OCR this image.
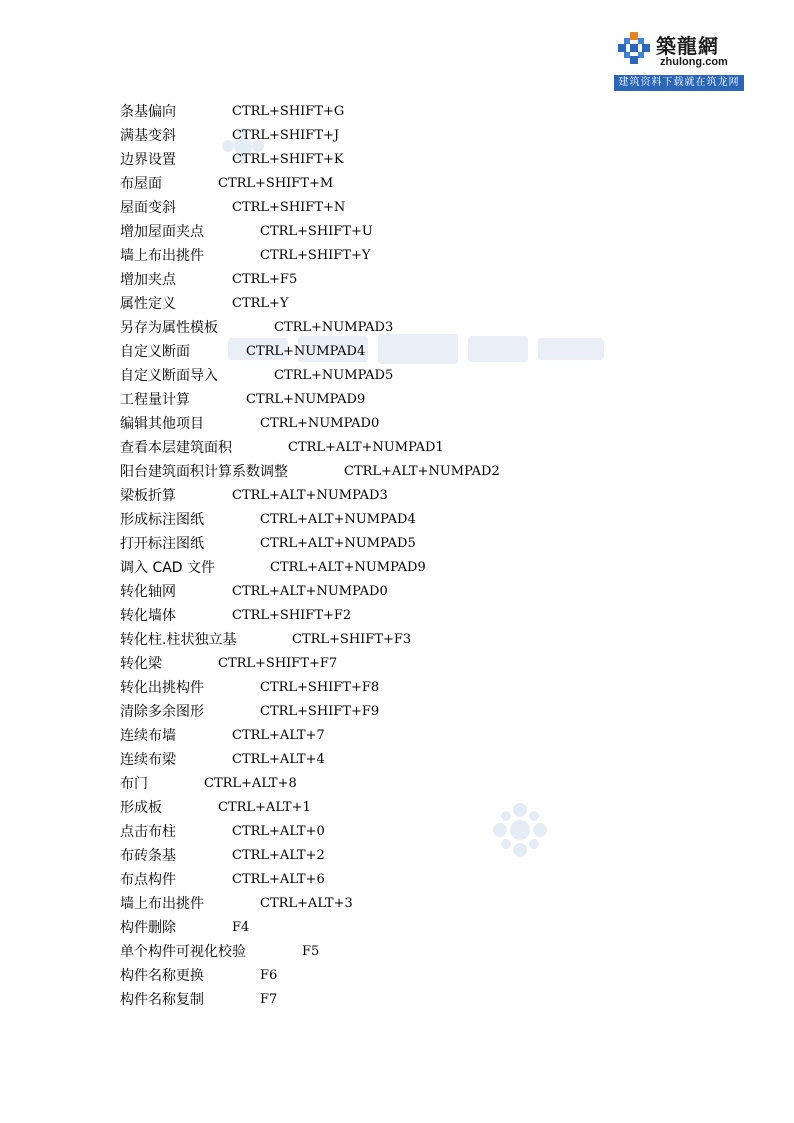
築龍網
zhulong.com
建筑资料下载就在筑龙网
条基偏向	CTRL+SHIFT+G
满基变斜	CTRL+SHIFT+J
边界设置	CTRL+SHIFT+K
布屋面	CTRL+SHIFT+M
屋面变斜	CTRL+SHIFT+N
增加屋面夹点	CTRL+SHIFT+U
墙上布出挑件	CTRL+SHIFT+Y
增加夹点	CTRL+F5
属性定义	CTRL+Y
另存为属性模板	CTRL+NUMPAD3
自定义断面	CTRL+NUMPAD4
自定义断面导入	CTRL+NUMPAD5
工程量计算	CTRL+NUMPAD9
编辑其他项目	CTRL+NUMPAD0
查看本层建筑面积	CTRL+ALT+NUMPAD1
阳台建筑面积计算系数调整	CTRL+ALT+NUMPAD2
梁板折算	CTRL+ALT+NUMPAD3
形成标注图纸	CTRL+ALT+NUMPAD4
打开标注图纸	CTRL+ALT+NUMPAD5
调入 CAD 文件	CTRL+ALT+NUMPAD9
转化轴网	CTRL+ALT+NUMPAD0
转化墙体	CTRL+SHIFT+F2
转化柱.柱状独立基	CTRL+SHIFT+F3
转化梁	CTRL+SHIFT+F7
转化出挑构件	CTRL+SHIFT+F8
清除多余图形	CTRL+SHIFT+F9
连续布墙	CTRL+ALT+7
连续布梁	CTRL+ALT+4
布门	CTRL+ALT+8
形成板	CTRL+ALT+1
点击布柱	CTRL+ALT+0
布砖条基	CTRL+ALT+2
布点构件	CTRL+ALT+6
墙上布出挑件	CTRL+ALT+3
构件删除	F4
单个构件可视化校验	F5
构件名称更换	F6
构件名称复制	F7
